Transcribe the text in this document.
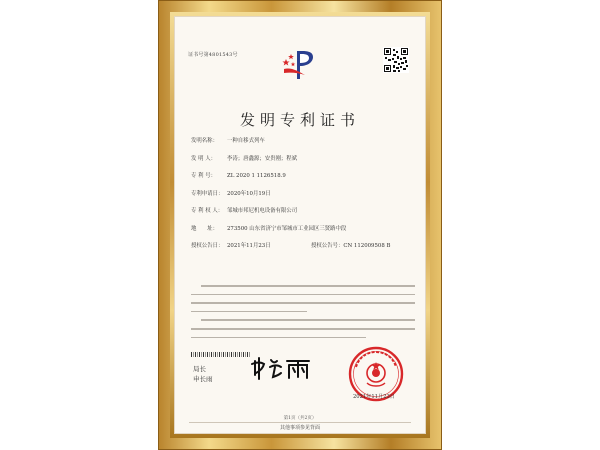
证书号第4801543号
发明专利证书
发明名称： 一种自移式列车
发 明 人： 李涛；唐鑫源；安贵刚；程斌
专 利 号： ZL 2020 1 1126518.9
专利申请日： 2020年10月19日
专 利 权 人： 邹城市邦尼机电设备有限公司
地　　址： 273500 山东省济宁市邹城市工业园区三贤路中段
授权公告日： 2021年11月23日	授权公告号：CN 112009508 B
局长
申长雨
2021年11月23日
第1页（共2页）
其他事项参见背面
